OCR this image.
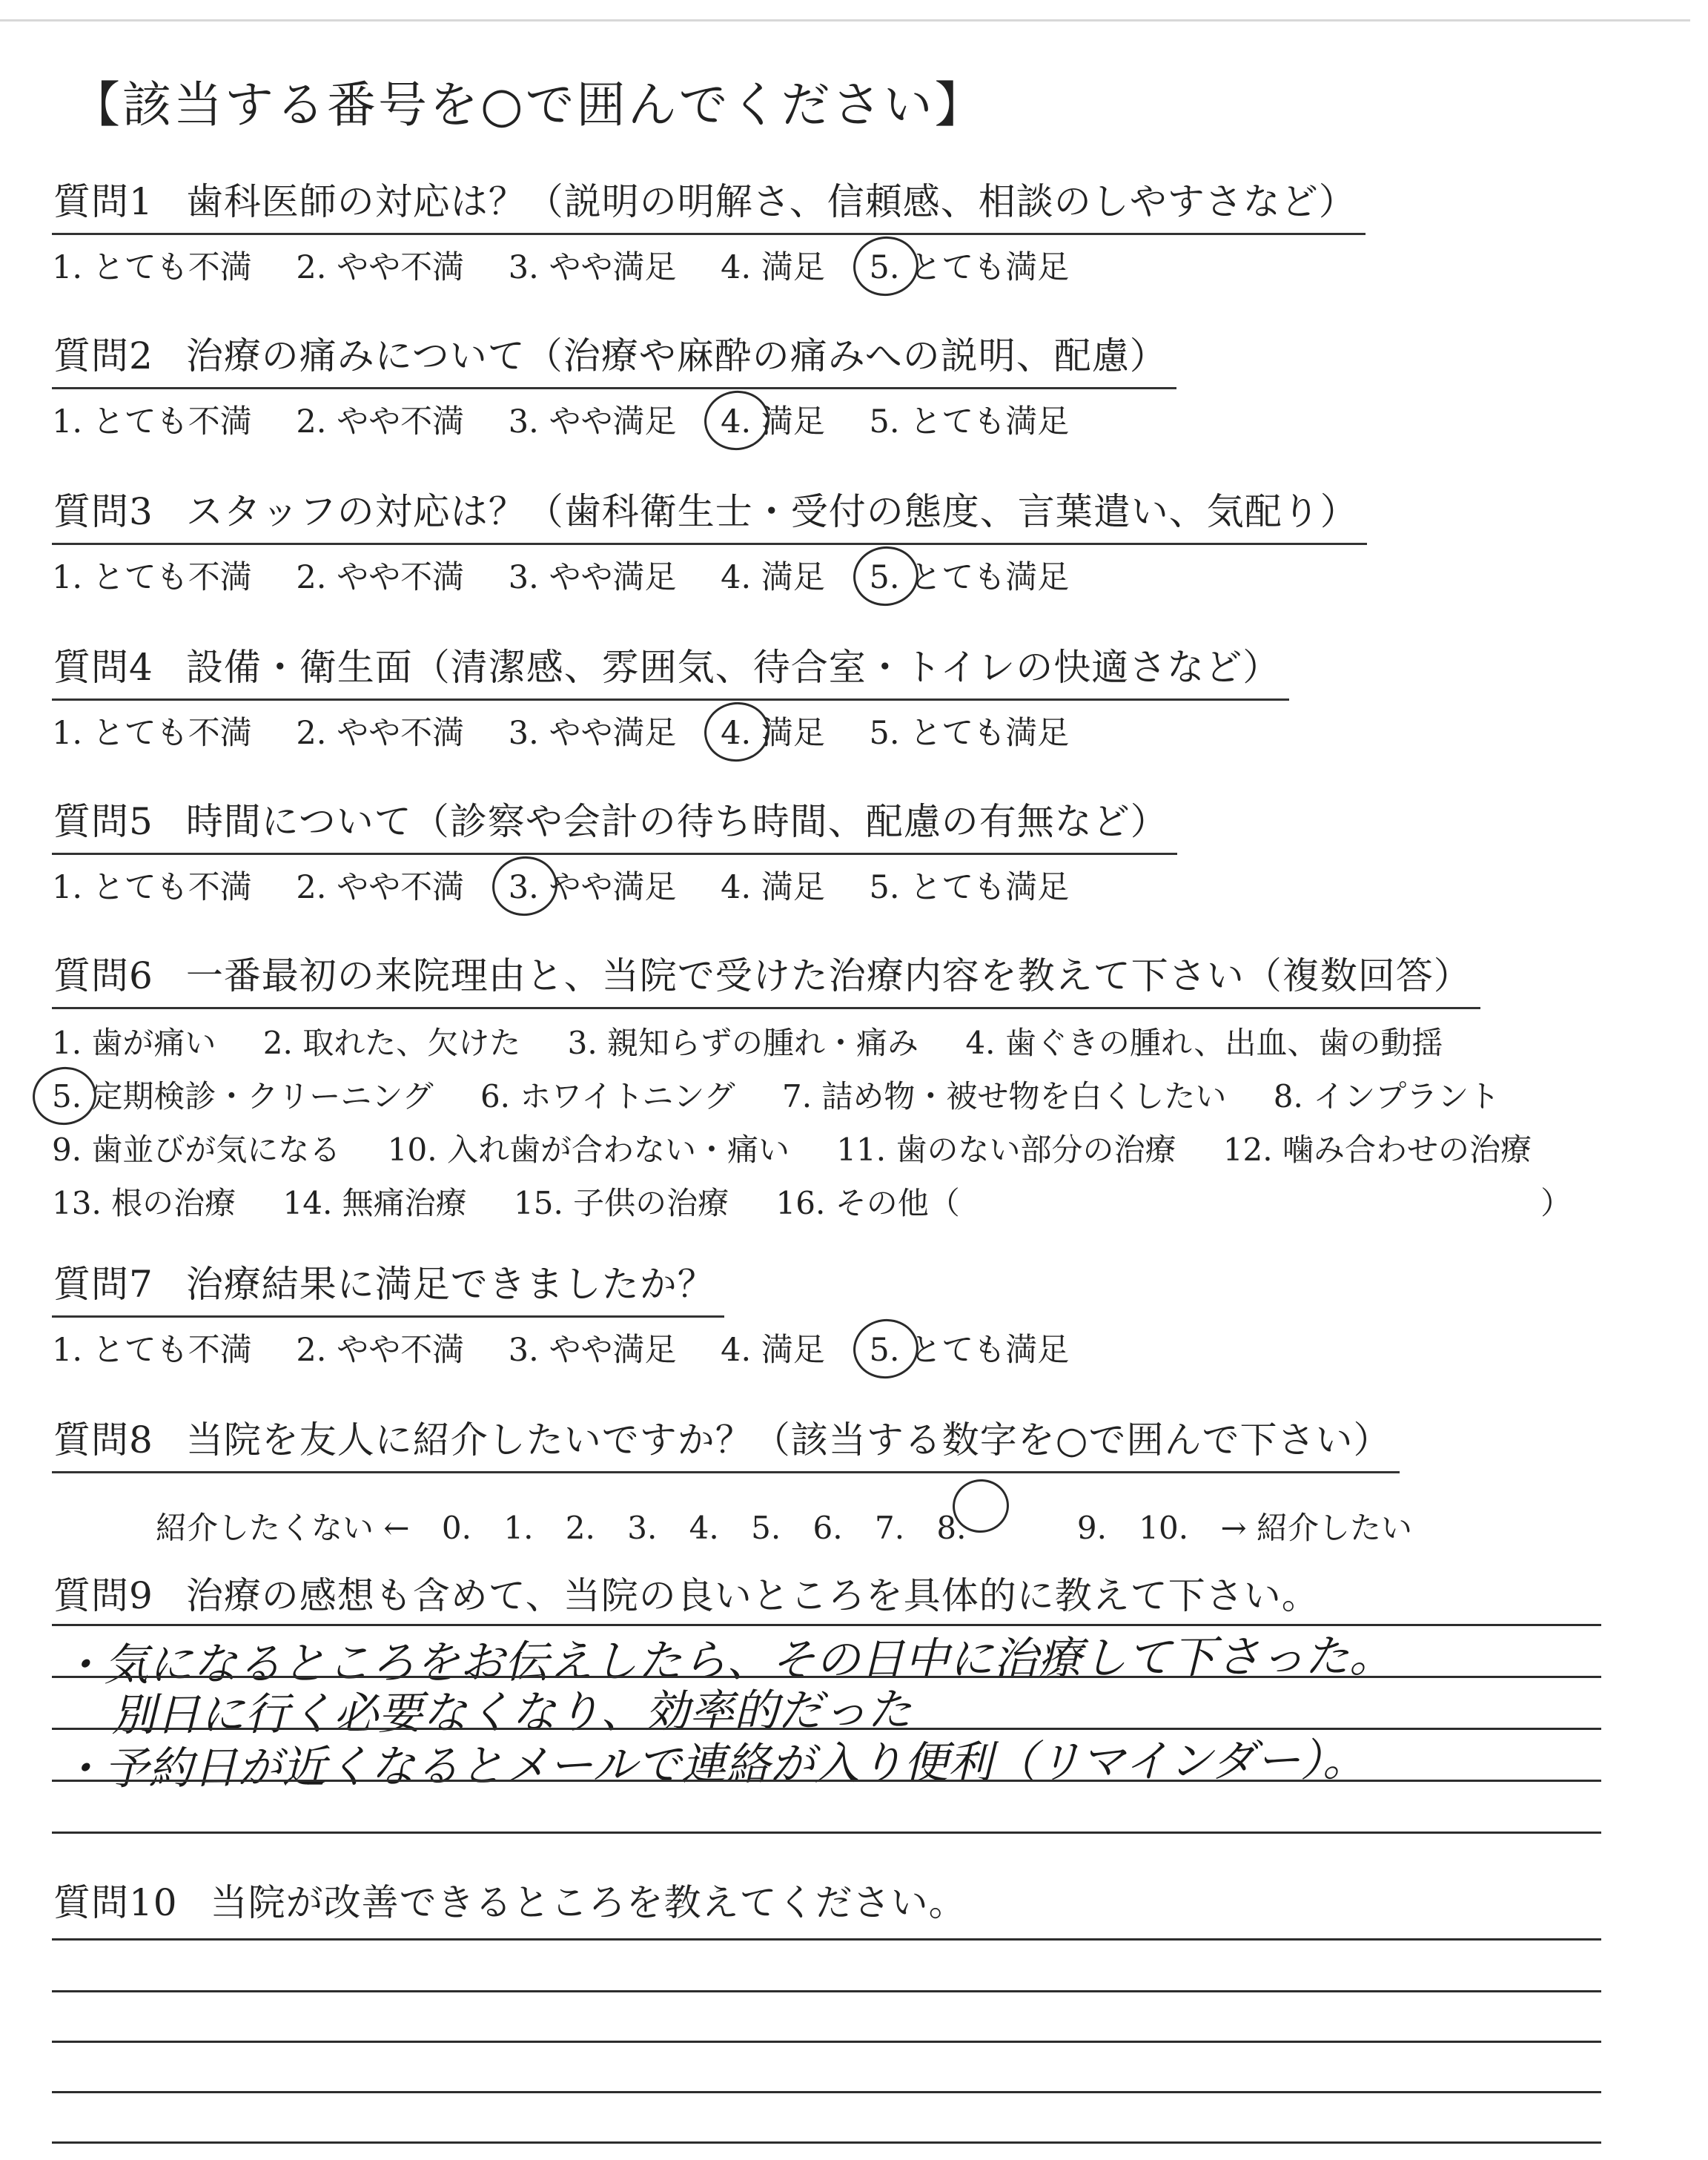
【該当する番号を○で囲んでください】
質問1 歯科医師の対応は？（説明の明解さ、信頼感、相談のしやすさなど）
1. とても不満 2. やや不満 3. やや満足 4. 満足 5. とても満足
質問2 治療の痛みについて（治療や麻酔の痛みへの説明、配慮）
1. とても不満 2. やや不満 3. やや満足 4. 満足 5. とても満足
質問3 スタッフの対応は？（歯科衛生士・受付の態度、言葉遣い、気配り）
1. とても不満 2. やや不満 3. やや満足 4. 満足 5. とても満足
質問4 設備・衛生面（清潔感、雰囲気、待合室・トイレの快適さなど）
1. とても不満 2. やや不満 3. やや満足 4. 満足 5. とても満足
質問5 時間について（診察や会計の待ち時間、配慮の有無など）
1. とても不満 2. やや不満 3. やや満足 4. 満足 5. とても満足
質問6 一番最初の来院理由と、当院で受けた治療内容を教えて下さい（複数回答）
1. 歯が痛い 2. 取れた、欠けた 3. 親知らずの腫れ・痛み 4. 歯ぐきの腫れ、出血、歯の動揺
5. 定期検診・クリーニング 6. ホワイトニング 7. 詰め物・被せ物を白くしたい 8. インプラント
9. 歯並びが気になる 10. 入れ歯が合わない・痛い 11. 歯のない部分の治療 12. 噛み合わせの治療
13. 根の治療 14. 無痛治療 15. 子供の治療 16. その他（	）
質問7 治療結果に満足できましたか？
1. とても不満 2. やや不満 3. やや満足 4. 満足 5. とても満足
質問8 当院を友人に紹介したいですか？（該当する数字を○で囲んで下さい）
紹介したくない ← 0. 1. 2. 3. 4. 5. 6. 7. 8.	9. 10. → 紹介したい
質問9 治療の感想も含めて、当院の良いところを具体的に教えて下さい。
・気になるところをお伝えしたら、その日中に治療して下さった。
別日に行く必要なくなり、効率的だった
・予約日が近くなるとメールで連絡が入り便利（リマインダー）。
質問10 当院が改善できるところを教えてください。
